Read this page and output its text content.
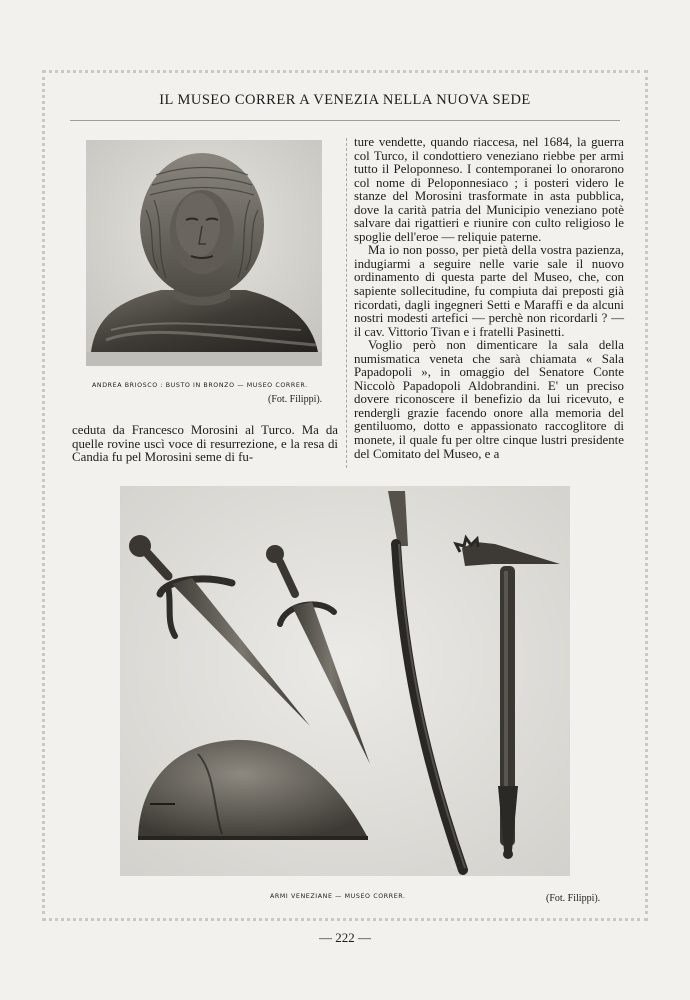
IL MUSEO CORRER A VENEZIA NELLA NUOVA SEDE
ANDREA BRIOSCO : BUSTO IN BRONZO — MUSEO CORRER.
(Fot. Filippi).

ceduta da Francesco Morosini al Turco. Ma da quelle rovine uscì voce di resurrezione, e la resa di Candia fu pel Morosini seme di fu-

ture vendette, quando riaccesa, nel 1684, la guerra col Turco, il condottiero veneziano riebbe per armi tutto il Peloponneso. I contemporanei lo onorarono col nome di Peloponnesiaco ; i posteri videro le stanze del Morosini trasformate in asta pubblica, dove la carità patria del Municipio veneziano potè salvare dai rigattieri e riunire con culto religioso le spoglie dell'eroe — reliquie paterne.

Ma io non posso, per pietà della vostra pazienza, indugiarmi a seguire nelle varie sale il nuovo ordinamento di questa parte del Museo, che, con sapiente sollecitudine, fu compiuta dai preposti già ricordati, dagli ingegneri Setti e Maraffi e da alcuni nostri modesti artefici — perchè non ricordarli ? — il cav. Vittorio Tivan e i fratelli Pasinetti.

Voglio però non dimenticare la sala della numismatica veneta che sarà chiamata « Sala Papadopoli », in omaggio del Senatore Conte Niccolò Papadopoli Aldobrandini. E' un preciso dovere riconoscere il benefizio da lui ricevuto, e rendergli grazie facendo onore alla memoria del gentiluomo, dotto e appassionato raccoglitore di monete, il quale fu per oltre cinque lustri presidente del Comitato del Museo, e a

ARMI VENEZIANE — MUSEO CORRER.	(Fot. Filippi).
— 222 —
